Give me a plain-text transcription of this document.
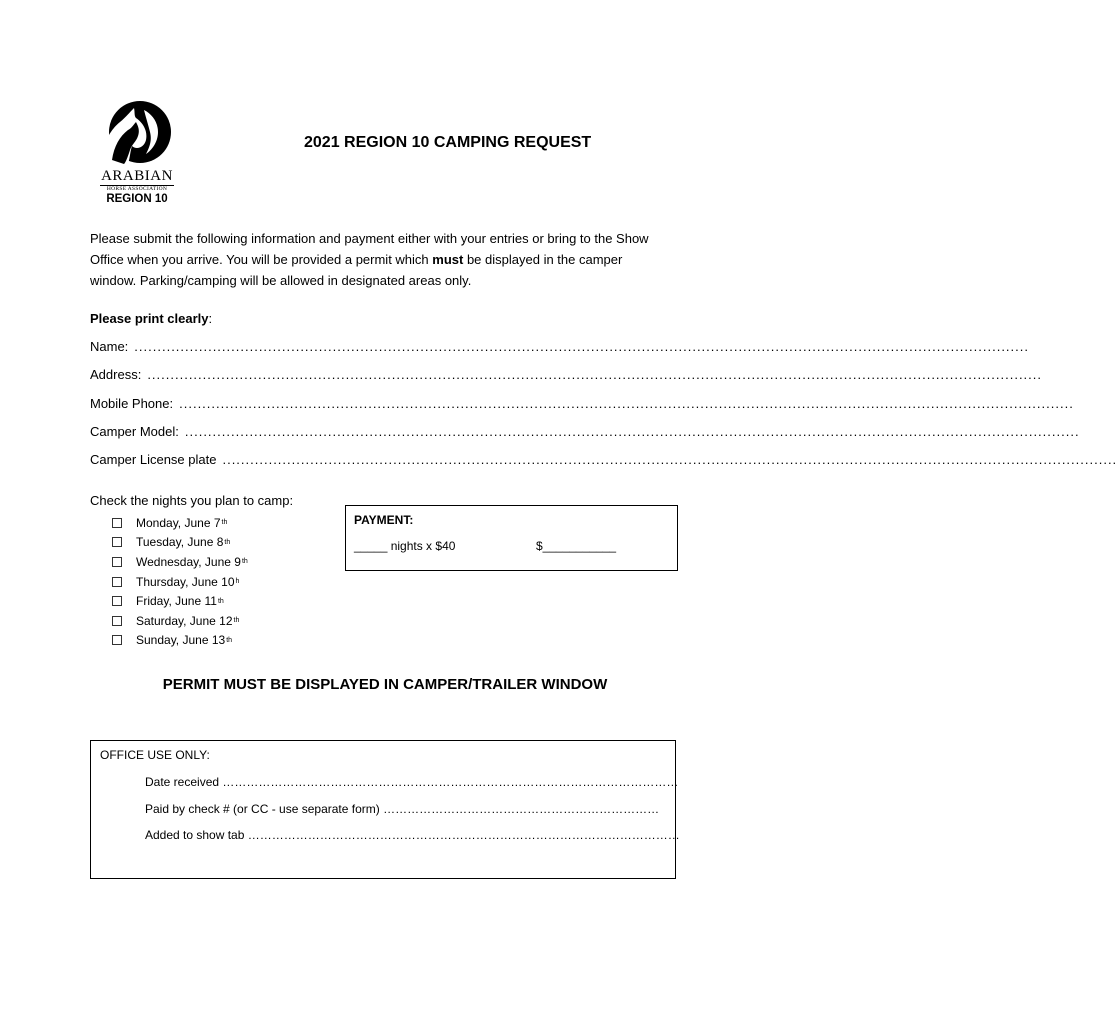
ARABIAN
HORSE ASSOCIATION
REGION 10
2021 REGION 10 CAMPING REQUEST
Please submit the following information and payment either with your entries or bring to the Show Office when you arrive. You will be provided a permit which must be displayed in the camper window. Parking/camping will be allowed in designated areas only.
Please print clearly:
Name: ..................................................................................................................................................................................................
Address: ..................................................................................................................................................................................................
Mobile Phone: ..................................................................................................................................................................................................
Camper Model: ..................................................................................................................................................................................................
Camper License plate ..................................................................................................................................................................................................
Check the nights you plan to camp:
Monday, June 7 th
Tuesday, June 8 th
Wednesday, June 9 th
Thursday, June 10 h
Friday, June 11 th
Saturday, June 12 th
Sunday, June 13 th
PAYMENT:
_____ nights x $40	$___________
PERMIT MUST BE DISPLAYED IN CAMPER/TRAILER WINDOW
OFFICE USE ONLY:
Date received ……………………………………………………………………………………………………
Paid by check # (or CC - use separate form) ……………………………………………………………
Added to show tab ………………………………………………………………………………………………
